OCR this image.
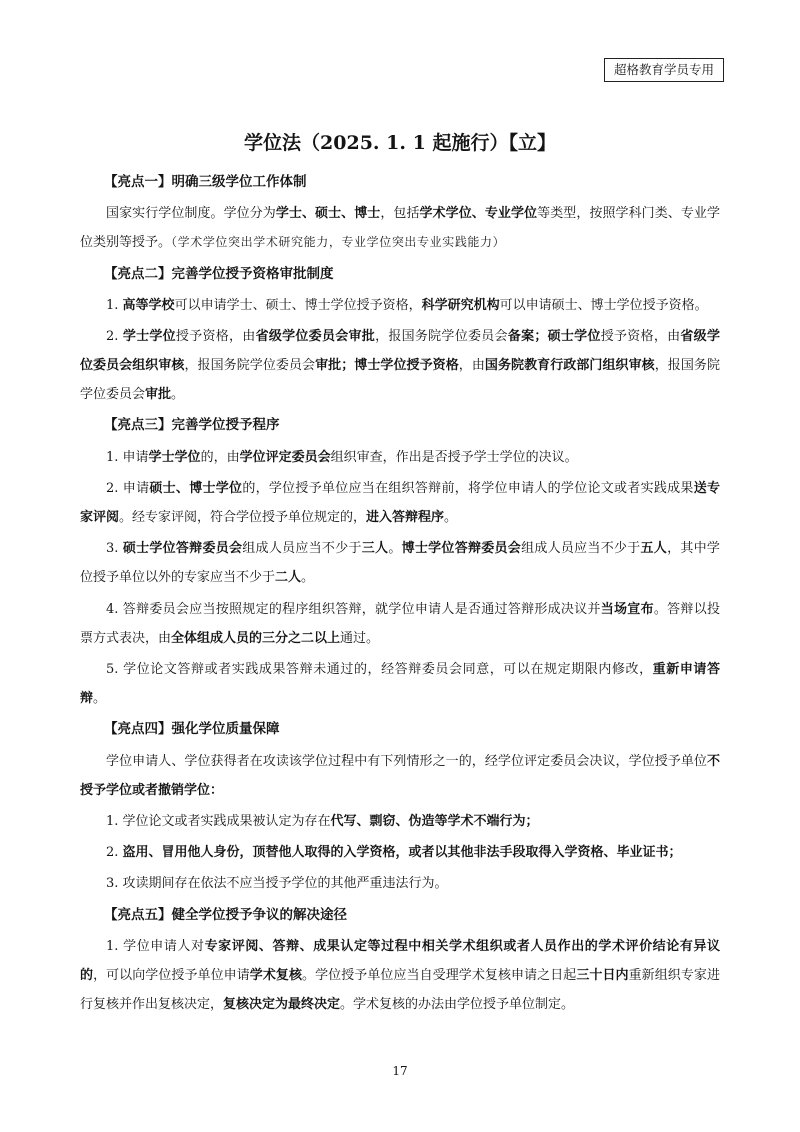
超格教育学员专用
学位法（2025. 1. 1 起施行）【立】
【亮点一】明确三级学位工作体制

国家实行学位制度。学位分为学士、硕士、博士，包括学术学位、专业学位等类型，按照学科门类、专业学位类别等授予。（学术学位突出学术研究能力，专业学位突出专业实践能力）

【亮点二】完善学位授予资格审批制度

1. 高等学校可以申请学士、硕士、博士学位授予资格，科学研究机构可以申请硕士、博士学位授予资格。

2. 学士学位授予资格，由省级学位委员会审批，报国务院学位委员会备案；硕士学位授予资格，由省级学位委员会组织审核，报国务院学位委员会审批；博士学位授予资格，由国务院教育行政部门组织审核，报国务院学位委员会审批。

【亮点三】完善学位授予程序

1. 申请学士学位的，由学位评定委员会组织审查，作出是否授予学士学位的决议。

2. 申请硕士、博士学位的，学位授予单位应当在组织答辩前，将学位申请人的学位论文或者实践成果送专家评阅。经专家评阅，符合学位授予单位规定的，进入答辩程序。

3. 硕士学位答辩委员会组成人员应当不少于三人。博士学位答辩委员会组成人员应当不少于五人，其中学位授予单位以外的专家应当不少于二人。

4. 答辩委员会应当按照规定的程序组织答辩，就学位申请人是否通过答辩形成决议并当场宣布。答辩以投票方式表决，由全体组成人员的三分之二以上通过。

5. 学位论文答辩或者实践成果答辩未通过的，经答辩委员会同意，可以在规定期限内修改，重新申请答辩。

【亮点四】强化学位质量保障

学位申请人、学位获得者在攻读该学位过程中有下列情形之一的，经学位评定委员会决议，学位授予单位不授予学位或者撤销学位：

1. 学位论文或者实践成果被认定为存在代写、剽窃、伪造等学术不端行为；

2. 盗用、冒用他人身份，顶替他人取得的入学资格，或者以其他非法手段取得入学资格、毕业证书；

3. 攻读期间存在依法不应当授予学位的其他严重违法行为。

【亮点五】健全学位授予争议的解决途径

1. 学位申请人对专家评阅、答辩、成果认定等过程中相关学术组织或者人员作出的学术评价结论有异议的，可以向学位授予单位申请学术复核。学位授予单位应当自受理学术复核申请之日起三十日内重新组织专家进行复核并作出复核决定，复核决定为最终决定。学术复核的办法由学位授予单位制定。

17
